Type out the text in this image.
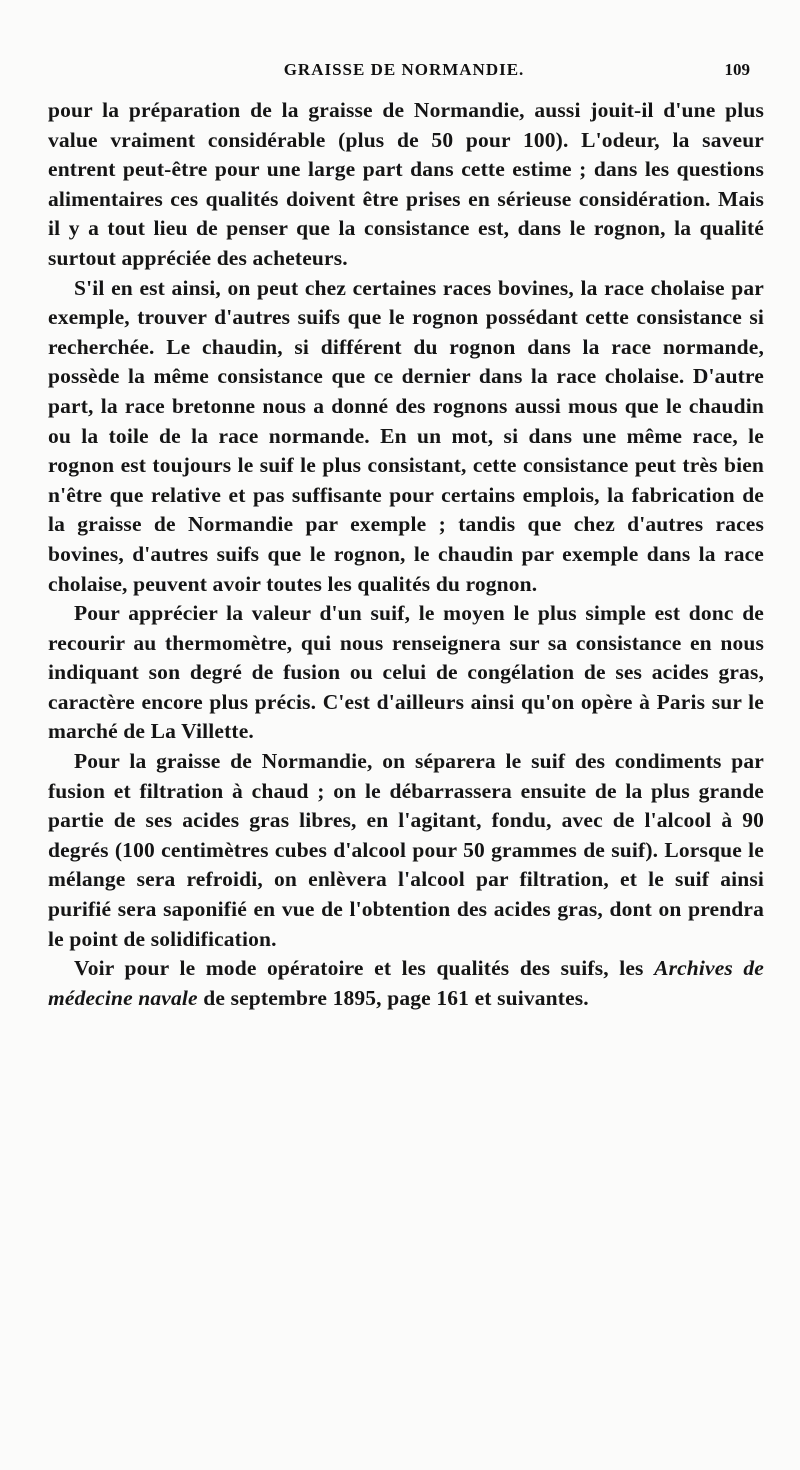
GRAISSE DE NORMANDIE.	109

pour la préparation de la graisse de Normandie, aussi jouit-il d'une plus value vraiment considérable (plus de 50 pour 100). L'odeur, la saveur entrent peut-être pour une large part dans cette estime ; dans les questions alimentaires ces qualités doivent être prises en sérieuse considération. Mais il y a tout lieu de penser que la consistance est, dans le rognon, la qualité surtout appréciée des acheteurs.

S'il en est ainsi, on peut chez certaines races bovines, la race cholaise par exemple, trouver d'autres suifs que le rognon possédant cette consistance si recherchée. Le chaudin, si différent du rognon dans la race normande, possède la même consistance que ce dernier dans la race cholaise. D'autre part, la race bretonne nous a donné des rognons aussi mous que le chaudin ou la toile de la race normande. En un mot, si dans une même race, le rognon est toujours le suif le plus consistant, cette consistance peut très bien n'être que relative et pas suffisante pour certains emplois, la fabrication de la graisse de Normandie par exemple ; tandis que chez d'autres races bovines, d'autres suifs que le rognon, le chaudin par exemple dans la race cholaise, peuvent avoir toutes les qualités du rognon.

Pour apprécier la valeur d'un suif, le moyen le plus simple est donc de recourir au thermomètre, qui nous renseignera sur sa consistance en nous indiquant son degré de fusion ou celui de congélation de ses acides gras, caractère encore plus précis. C'est d'ailleurs ainsi qu'on opère à Paris sur le marché de La Villette.

Pour la graisse de Normandie, on séparera le suif des condiments par fusion et filtration à chaud ; on le débarrassera ensuite de la plus grande partie de ses acides gras libres, en l'agitant, fondu, avec de l'alcool à 90 degrés (100 centimètres cubes d'alcool pour 50 grammes de suif). Lorsque le mélange sera refroidi, on enlèvera l'alcool par filtration, et le suif ainsi purifié sera saponifié en vue de l'obtention des acides gras, dont on prendra le point de solidification.

Voir pour le mode opératoire et les qualités des suifs, les Archives de médecine navale de septembre 1895, page 161 et suivantes.
